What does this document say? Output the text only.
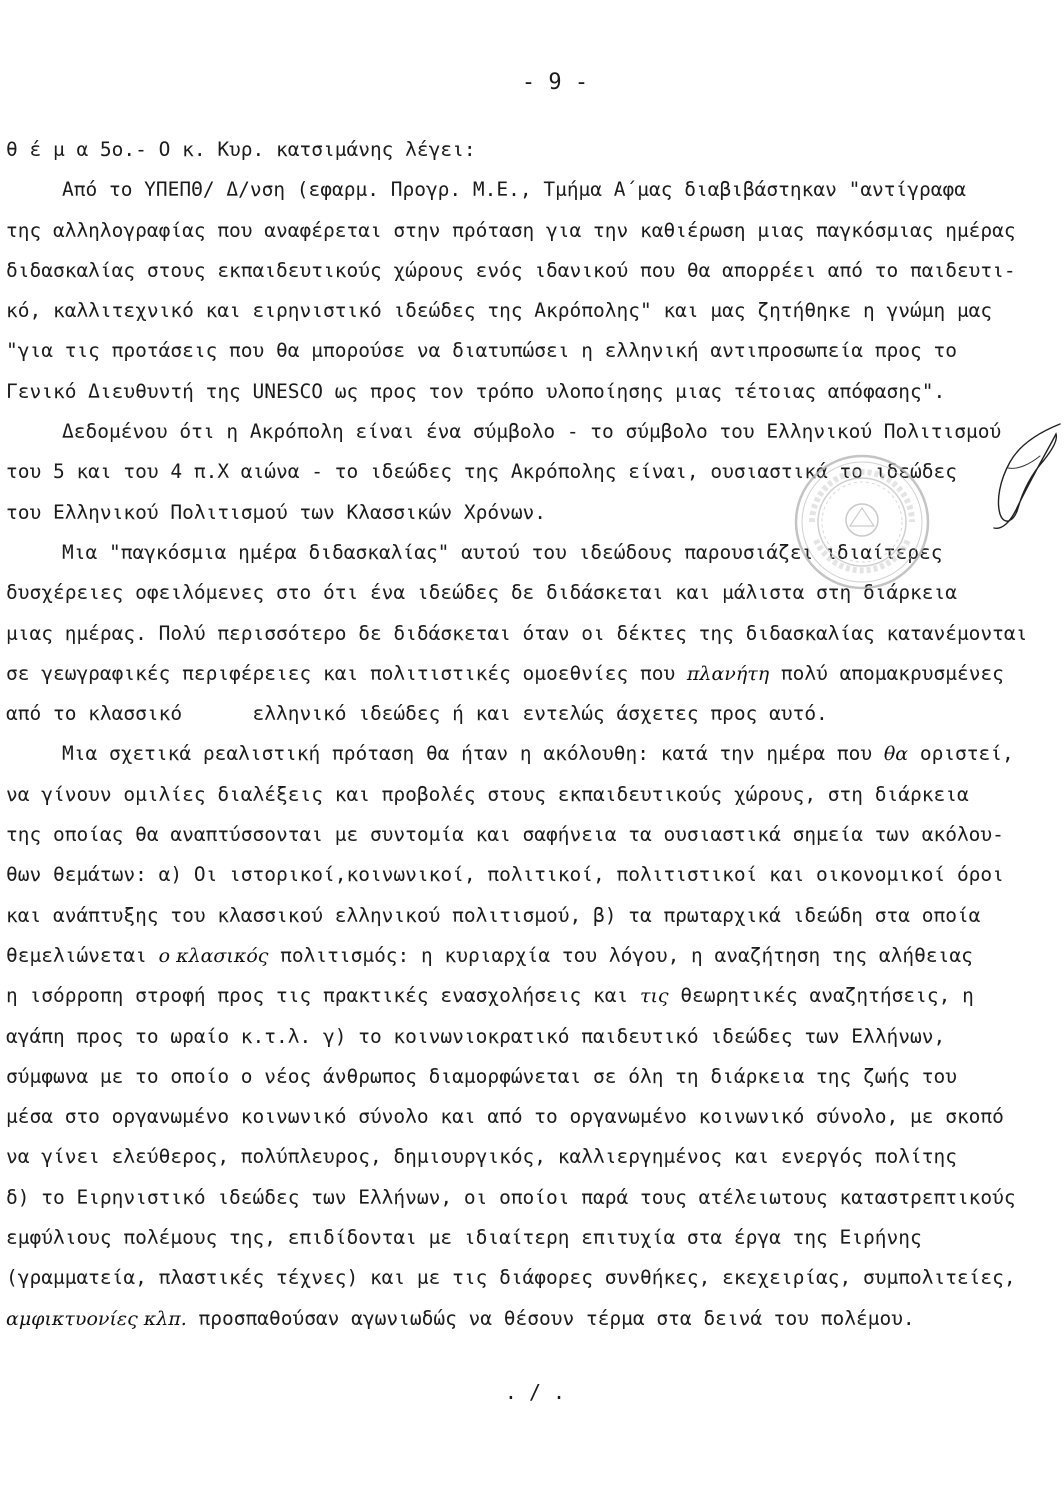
- 9 -
θ έ μ α 5ο.- Ο κ. Κυρ. κατσιμάνης λέγει:
Από το ΥΠΕΠΘ/ Δ/νση (εφαρμ. Προγρ. Μ.Ε., Τμήμα Α΄μας διαβιβάστηκαν "αντίγραφα
της αλληλογραφίας που αναφέρεται στην πρόταση για την καθιέρωση μιας παγκόσμιας ημέρας
διδασκαλίας στους εκπαιδευτικούς χώρους ενός ιδανικού που θα απορρέει από το παιδευτι-
κό, καλλιτεχνικό και ειρηνιστικό ιδεώδες της Ακρόπολης" και μας ζητήθηκε η γνώμη μας
"για τις προτάσεις που θα μπορούσε να διατυπώσει η ελληνική αντιπροσωπεία προς το
Γενικό Διευθυντή της UNESCO ως προς τον τρόπο υλοποίησης μιας τέτοιας απόφασης".
Δεδομένου ότι η Ακρόπολη είναι ένα σύμβολο - το σύμβολο του Ελληνικού Πολιτισμού
του 5 και του 4 π.Χ αιώνα - το ιδεώδες της Ακρόπολης είναι, ουσιαστικά το ιδεώδες
του Ελληνικού Πολιτισμού των Κλασσικών Χρόνων.
Μια "παγκόσμια ημέρα διδασκαλίας" αυτού του ιδεώδους παρουσιάζει ιδιαίτερες
δυσχέρειες οφειλόμενες στο ότι ένα ιδεώδες δε διδάσκεται και μάλιστα στη διάρκεια
μιας ημέρας. Πολύ περισσότερο δε διδάσκεται όταν οι δέκτες της διδασκαλίας κατανέμονται
σε γεωγραφικές περιφέρειες και πολιτιστικές ομοεθνίες που πλανήτη πολύ απομακρυσμένες
από το κλασσικό      ελληνικό ιδεώδες ή και εντελώς άσχετες προς αυτό.
Μια σχετικά ρεαλιστική πρόταση θα ήταν η ακόλουθη: κατά την ημέρα που θα οριστεί,
να γίνουν ομιλίες διαλέξεις και προβολές στους εκπαιδευτικούς χώρους, στη διάρκεια
της οποίας θα αναπτύσσονται με συντομία και σαφήνεια τα ουσιαστικά σημεία των ακόλου-
θων θεμάτων: α) Οι ιστορικοί,κοινωνικοί, πολιτικοί, πολιτιστικοί και οικονομικοί όροι
και ανάπτυξης του κλασσικού ελληνικού πολιτισμού, β) τα πρωταρχικά ιδεώδη στα οποία
θεμελιώνεται ο κλασικός πολιτισμός: η κυριαρχία του λόγου, η αναζήτηση της αλήθειας
η ισόρροπη στροφή προς τις πρακτικές ενασχολήσεις και τις θεωρητικές αναζητήσεις, η
αγάπη προς το ωραίο κ.τ.λ. γ) το κοινωνιοκρατικό παιδευτικό ιδεώδες των Ελλήνων,
σύμφωνα με το οποίο ο νέος άνθρωπος διαμορφώνεται σε όλη τη διάρκεια της ζωής του
μέσα στο οργανωμένο κοινωνικό σύνολο και από το οργανωμένο κοινωνικό σύνολο, με σκοπό
να γίνει ελεύθερος, πολύπλευρος, δημιουργικός, καλλιεργημένος και ενεργός πολίτης
δ) το Ειρηνιστικό ιδεώδες των Ελλήνων, οι οποίοι παρά τους ατέλειωτους καταστρεπτικούς
εμφύλιους πολέμους της, επιδίδονται με ιδιαίτερη επιτυχία στα έργα της Ειρήνης
(γραμματεία, πλαστικές τέχνες) και με τις διάφορες συνθήκες, εκεχειρίας, συμπολιτείες,
αμφικτυονίες κλπ. προσπαθούσαν αγωνιωδώς να θέσουν τέρμα στα δεινά του πολέμου.
. / .
